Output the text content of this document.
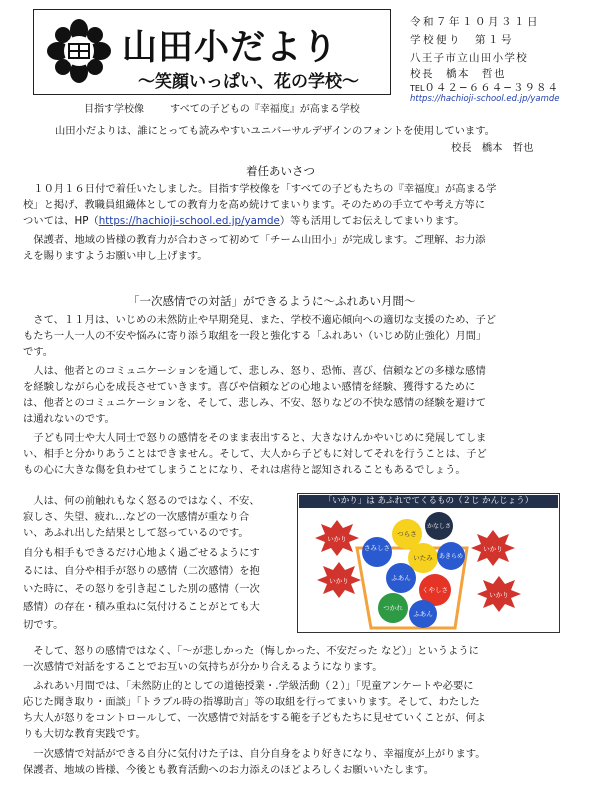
山田小だより
〜笑顔いっぱい、花の学校〜
目指す学校像	すべての子どもの『幸福度』が高まる学校
令和７年１０月３１日
学校便り　第１号
八王子市立山田小学校
校長　橋本　哲也
TEL０４２−６６４−３９８４
https://hachioji-school.ed.jp/yamde
山田小だよりは、誰にとっても読みやすいユニバーサルデザインのフォントを使用しています。
校長　橋本　哲也
着任あいさつ
　１０月１６日付で着任いたしました。目指す学校像を「すべての子どもたちの『幸福度』が高まる学
校」と掲げ、教職員組織体としての教育力を高め続けてまいります。そのための手立てや考え方等に
ついては、HP（https://hachioji-school.ed.jp/yamde）等も活用してお伝えしてまいります。
　保護者、地域の皆様の教育力が合わさって初めて「チーム山田小」が完成します。ご理解、お力添
えを賜りますようお願い申し上げます。
「一次感情での対話」ができるように〜ふれあい月間〜
　さて、１１月は、いじめの未然防止や早期発見、また、学校不適応傾向への適切な支援のため、子ど
もたち一人一人の不安や悩みに寄り添う取組を一段と強化する「ふれあい（いじめ防止強化）月間」
です。
　人は、他者とのコミュニケーションを通して、悲しみ、怒り、恐怖、喜び、信頼などの多様な感情
を経験しながら心を成長させていきます。喜びや信頼などの心地よい感情を経験、獲得するために
は、他者とのコミュニケーションを、そして、悲しみ、不安、怒りなどの不快な感情の経験を避けて
は通れないのです。
　子ども同士や大人同士で怒りの感情をそのまま表出すると、大きなけんかやいじめに発展してしま
い、相手と分かりあうことはできません。そして、大人から子どもに対してそれを行うことは、子ど
もの心に大きな傷を負わせてしまうことになり、それは虐待と認知されることもあるでしょう。
　人は、何の前触れもなく怒るのではなく、不安、
寂しさ、失望、疲れ…などの一次感情が重なり合
い、あふれ出した結果として怒っているのです。
自分も相手もできるだけ心地よく過ごせるようにす
るには、自分や相手が怒りの感情（二次感情）を抱
いた時に、その怒りを引き起こした別の感情（一次
感情）の存在・積み重ねに気付けることがとても大
切です。
「いかり」は あふれでてくるもの（２じ かんじょう）
いかり
いかり
いかり
いかり
さみしさ
つらさ
かなしさ
いたみ あきらめ
ふあん
くやしさ
つかれ
ふあん
　そして、怒りの感情ではなく、「〜が悲しかった（悔しかった、不安だった など）」というように
一次感情で対話をすることでお互いの気持ちが分かり合えるようになります。
　ふれあい月間では、「未然防止的としての道徳授業・.学級活動（２）」「児童アンケートや必要に
応じた聞き取り・面談」「トラブル時の指導助言」等の取組を行ってまいります。そして、わたした
ち大人が怒りをコントロールして、一次感情で対話をする範を子どもたちに見せていくことが、何よ
りも大切な教育実践です。
　一次感情で対話ができる自分に気付けた子は、自分自身をより好きになり、幸福度が上がります。
保護者、地域の皆様、今後とも教育活動へのお力添えのほどよろしくお願いいたします。
